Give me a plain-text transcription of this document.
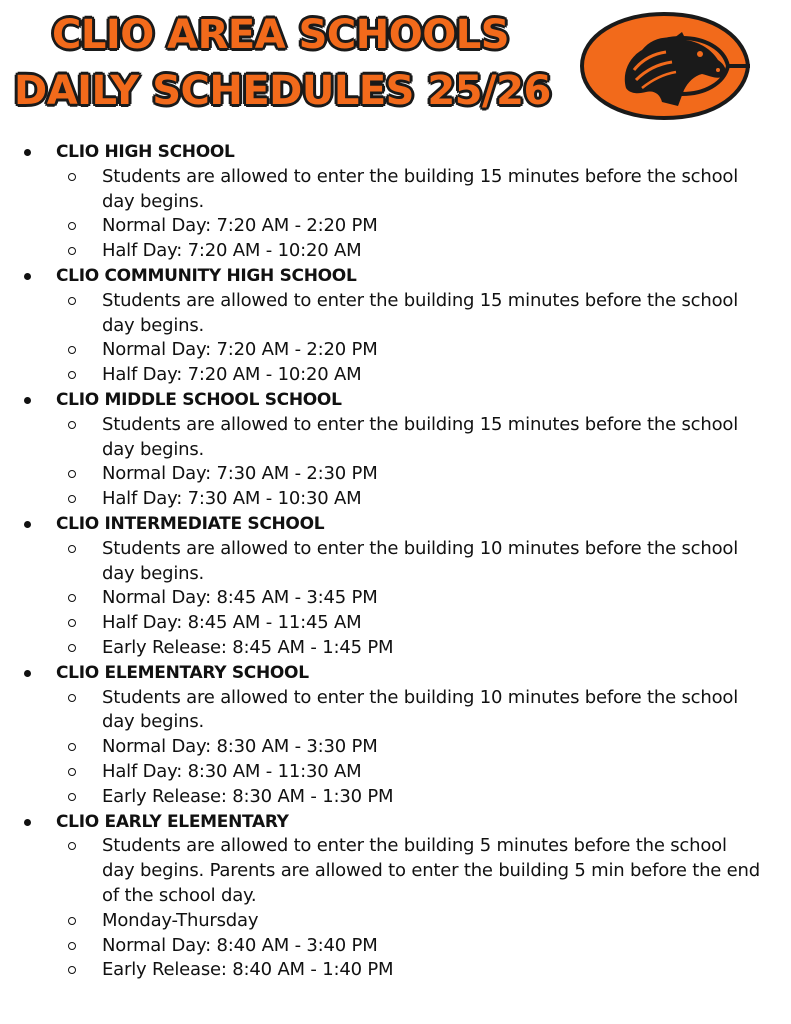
CLIO AREA SCHOOLS
DAILY SCHEDULES 25/26
CLIO HIGH SCHOOL
Students are allowed to enter the building 15 minutes before the school day begins.
Normal Day: 7:20 AM - 2:20 PM
Half Day: 7:20 AM - 10:20 AM
CLIO COMMUNITY HIGH SCHOOL
Students are allowed to enter the building 15 minutes before the school day begins.
Normal Day: 7:20 AM - 2:20 PM
Half Day: 7:20 AM - 10:20 AM
CLIO MIDDLE SCHOOL SCHOOL
Students are allowed to enter the building 15 minutes before the school day begins.
Normal Day: 7:30 AM - 2:30 PM
Half Day: 7:30 AM - 10:30 AM
CLIO INTERMEDIATE SCHOOL
Students are allowed to enter the building 10 minutes before the school day begins.
Normal Day: 8:45 AM - 3:45 PM
Half Day: 8:45 AM - 11:45 AM
Early Release: 8:45 AM - 1:45 PM
CLIO ELEMENTARY SCHOOL
Students are allowed to enter the building 10 minutes before the school day begins.
Normal Day: 8:30 AM - 3:30 PM
Half Day: 8:30 AM - 11:30 AM
Early Release: 8:30 AM - 1:30 PM
CLIO EARLY ELEMENTARY
Students are allowed to enter the building 5 minutes before the school day begins. Parents are allowed to enter the building 5 min before the end of the school day.
Monday-Thursday
Normal Day: 8:40 AM - 3:40 PM
Early Release: 8:40 AM - 1:40 PM
